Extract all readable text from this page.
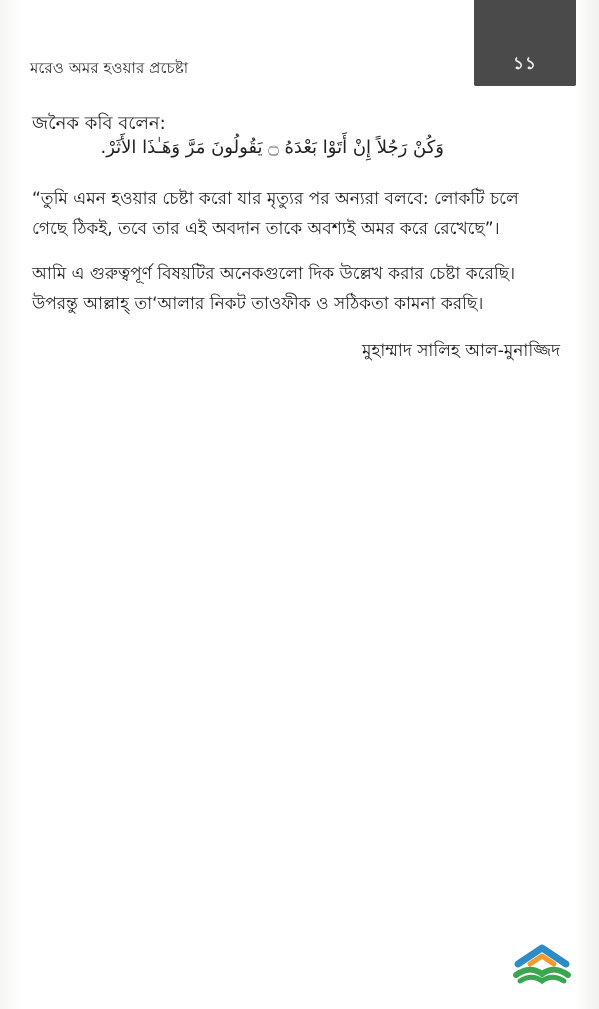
মরেও অমর হওয়ার প্রচেষ্টা	১১
জনৈক কবি বলেন:
وَكُنْ رَجُلاً إِنْ أَتَوْا بَعْدَهُ ۝ يَقُولُونَ مَرَّ وَهَـٰذَا الأَثَرْ.
“তুমি এমন হওয়ার চেষ্টা করো যার মৃত্যুর পর অন্যরা বলবে: লোকটি চলে
গেছে ঠিকই, তবে তার এই অবদান তাকে অবশ্যই অমর করে রেখেছে”।
আমি এ গুরুত্বপূর্ণ বিষয়টির অনেকগুলো দিক উল্লেখ করার চেষ্টা করেছি।
উপরন্তু আল্লাহ্ তা‘আলার নিকট তাওফীক ও সঠিকতা কামনা করছি।
মুহাম্মাদ সালিহ আল-মুনাজ্জিদ
